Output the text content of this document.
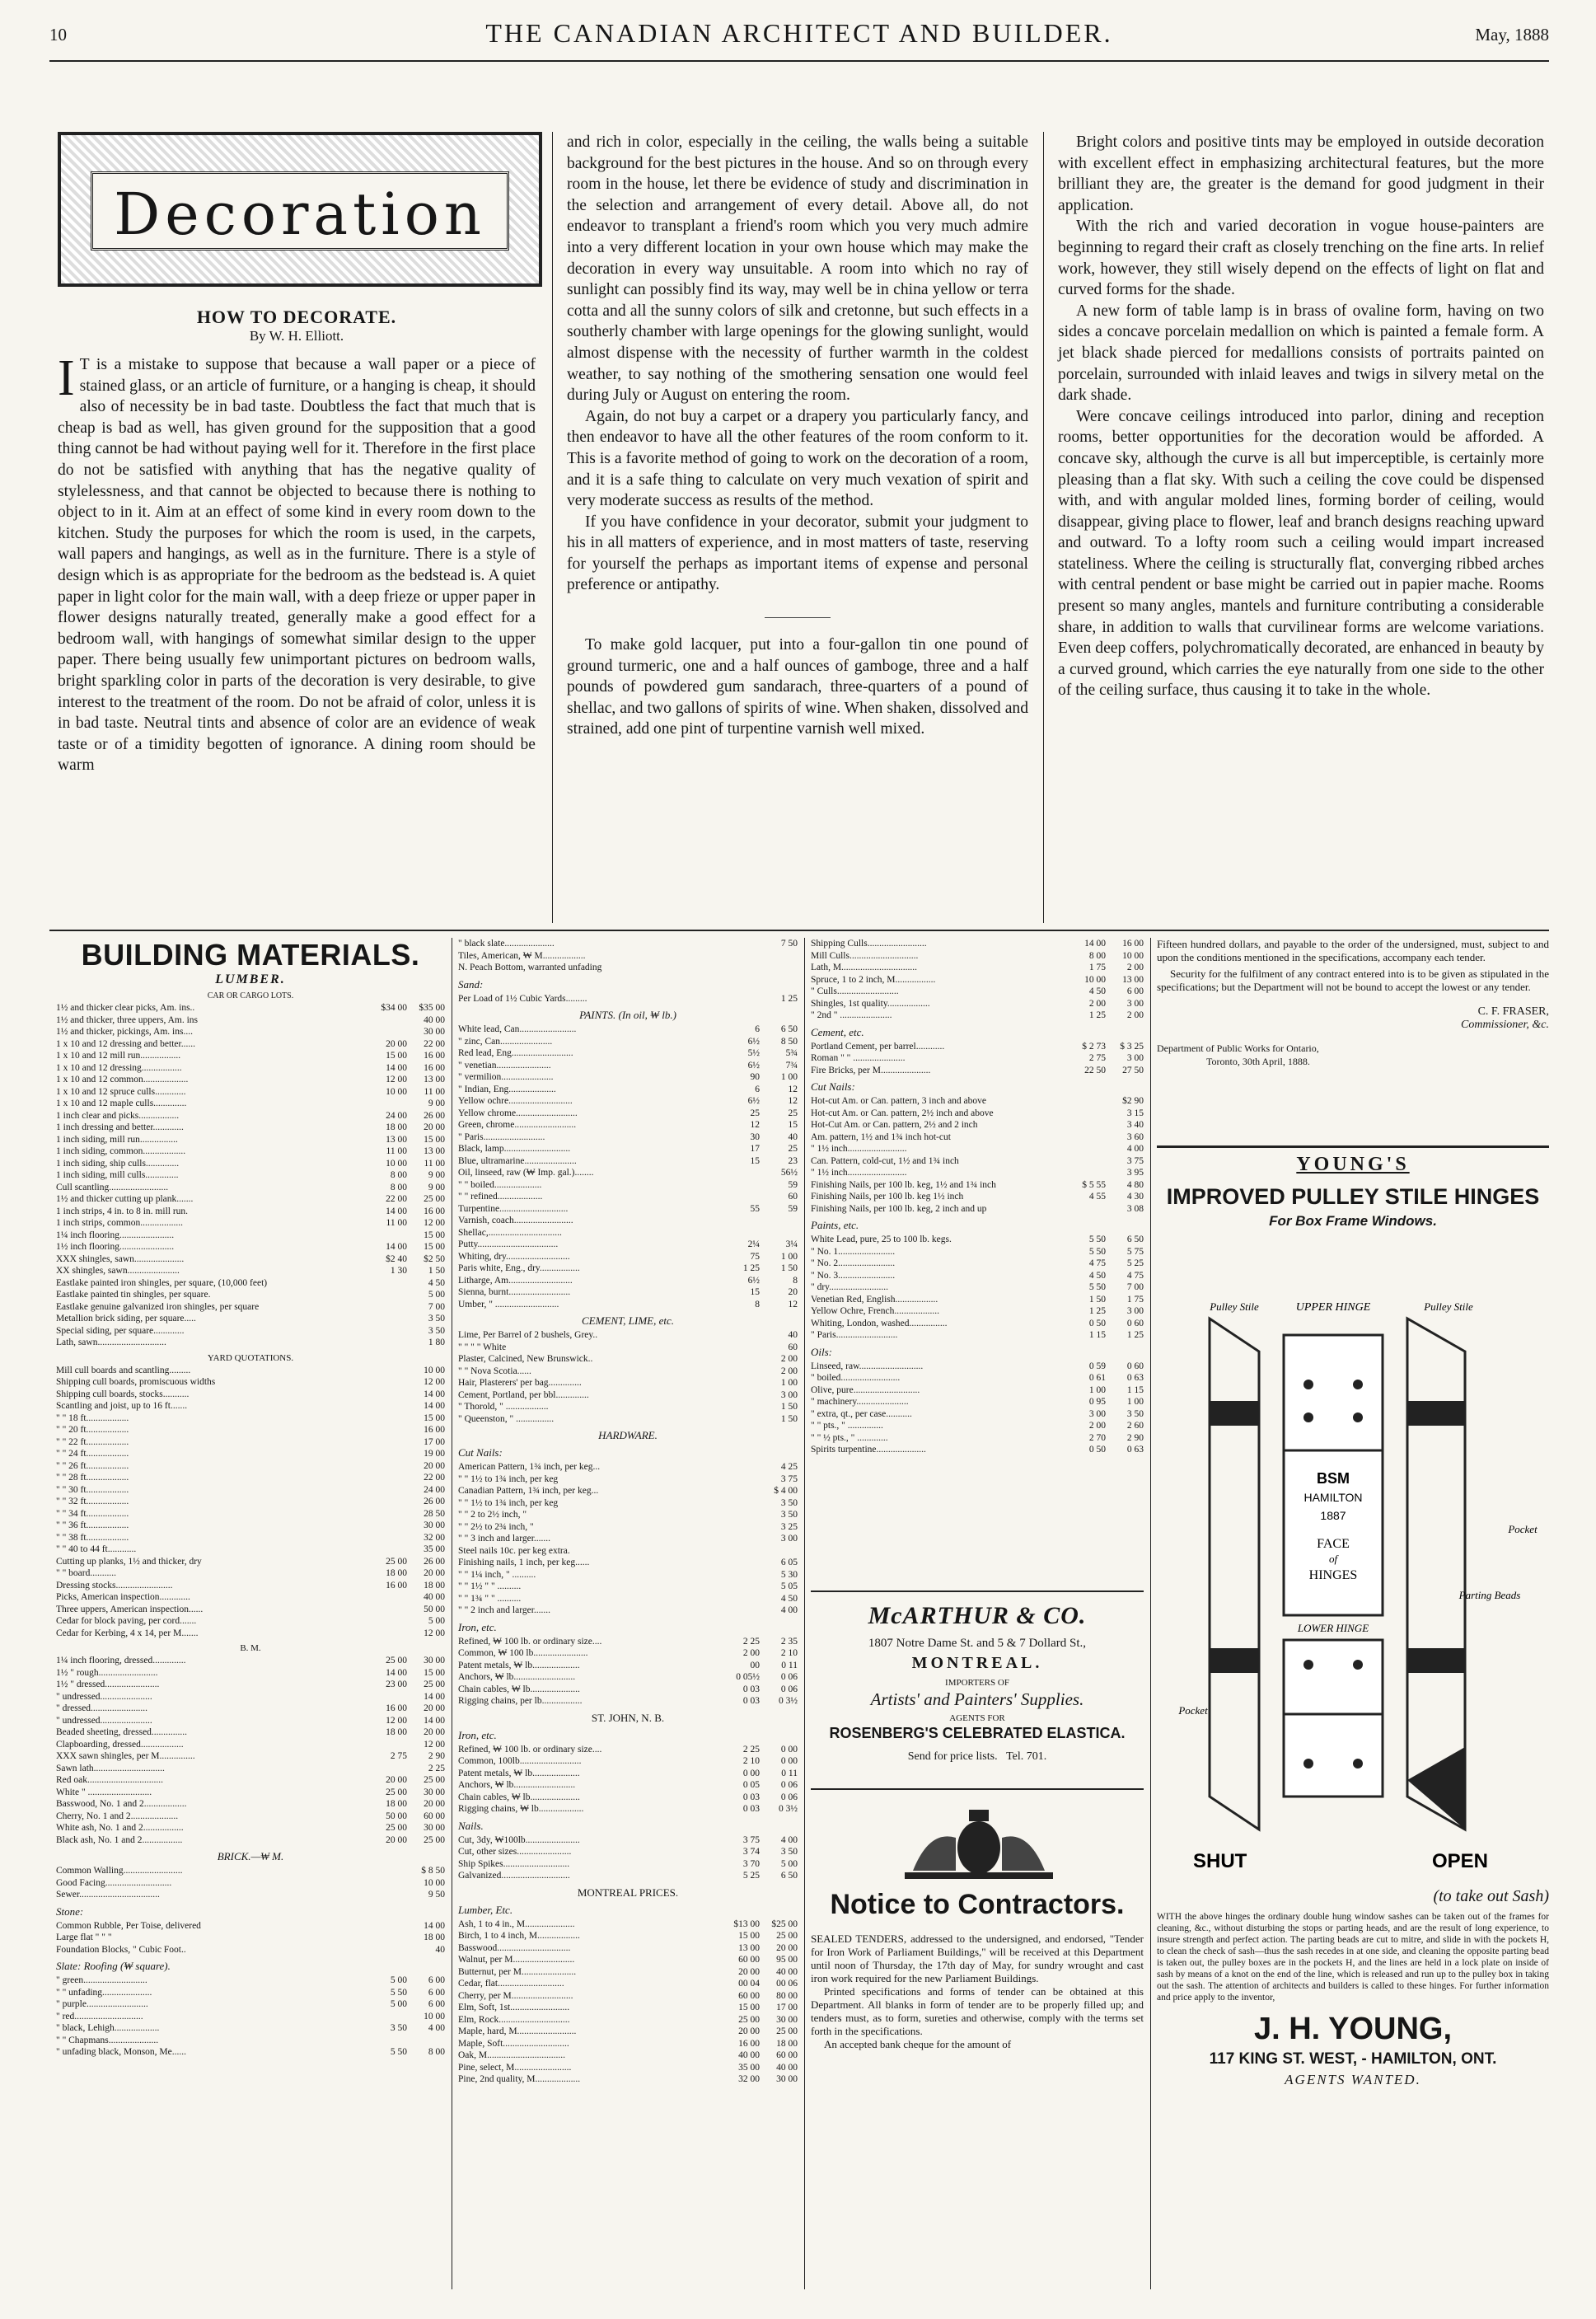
10	THE CANADIAN ARCHITECT AND BUILDER.	May, 1888
Decoration
HOW TO DECORATE.
By W. H. Elliott.

I T is a mistake to suppose that because a wall paper or a piece of stained glass, or an article of furniture, or a hanging is cheap, it should also of necessity be in bad taste. Doubtless the fact that much that is cheap is bad as well, has given ground for the supposition that a good thing cannot be had without paying well for it. Therefore in the first place do not be satisfied with anything that has the negative quality of stylelessness, and that cannot be objected to because there is nothing to object to in it. Aim at an effect of some kind in every room down to the kitchen. Study the purposes for which the room is used, in the carpets, wall papers and hangings, as well as in the furniture. There is a style of design which is as appropriate for the bedroom as the bedstead is. A quiet paper in light color for the main wall, with a deep frieze or upper paper in flower designs naturally treated, generally make a good effect for a bedroom wall, with hangings of somewhat similar design to the upper paper. There being usually few unimportant pictures on bedroom walls, bright sparkling color in parts of the decoration is very desirable, to give interest to the treatment of the room. Do not be afraid of color, unless it is in bad taste. Neutral tints and absence of color are an evidence of weak taste or of a timidity begotten of ignorance. A dining room should be warm

and rich in color, especially in the ceiling, the walls being a suitable background for the best pictures in the house. And so on through every room in the house, let there be evidence of study and discrimination in the selection and arrangement of every detail. Above all, do not endeavor to transplant a friend's room which you very much admire into a very different location in your own house which may make the decoration in every way unsuitable. A room into which no ray of sunlight can possibly find its way, may well be in china yellow or terra cotta and all the sunny colors of silk and cretonne, but such effects in a southerly chamber with large openings for the glowing sunlight, would almost dispense with the necessity of further warmth in the coldest weather, to say nothing of the smothering sensation one would feel during July or August on entering the room.

Again, do not buy a carpet or a drapery you particularly fancy, and then endeavor to have all the other features of the room conform to it. This is a favorite method of going to work on the decoration of a room, and it is a safe thing to calculate on very much vexation of spirit and very moderate success as results of the method.

If you have confidence in your decorator, submit your judgment to his in all matters of experience, and in most matters of taste, reserving for yourself the perhaps as important items of expense and personal preference or antipathy.

To make gold lacquer, put into a four-gallon tin one pound of ground turmeric, one and a half ounces of gamboge, three and a half pounds of powdered gum sandarach, three-quarters of a pound of shellac, and two gallons of spirits of wine. When shaken, dissolved and strained, add one pint of turpentine varnish well mixed.

Bright colors and positive tints may be employed in outside decoration with excellent effect in emphasizing architectural features, but the more brilliant they are, the greater is the demand for good judgment in their application.

With the rich and varied decoration in vogue house-painters are beginning to regard their craft as closely trenching on the fine arts. In relief work, however, they still wisely depend on the effects of light on flat and curved forms for the shade.

A new form of table lamp is in brass of ovaline form, having on two sides a concave porcelain medallion on which is painted a female form. A jet black shade pierced for medallions consists of portraits painted on porcelain, surrounded with inlaid leaves and twigs in silvery metal on the dark shade.

Were concave ceilings introduced into parlor, dining and reception rooms, better opportunities for the decoration would be afforded. A concave sky, although the curve is all but imperceptible, is certainly more pleasing than a flat sky. With such a ceiling the cove could be dispensed with, and with angular molded lines, forming border of ceiling, would disappear, giving place to flower, leaf and branch designs reaching upward and outward. To a lofty room such a ceiling would impart increased stateliness. Where the ceiling is structurally flat, converging ribbed arches with central pendent or base might be carried out in papier mache. Rooms present so many angles, mantels and furniture contributing a considerable share, in addition to walls that curvilinear forms are welcome variations. Even deep coffers, polychromatically decorated, are enhanced in beauty by a curved ground, which carries the eye naturally from one side to the other of the ceiling surface, thus causing it to take in the whole.

BUILDING MATERIALS.
LUMBER.
CAR OR CARGO LOTS.
1½ and thicker clear picks, Am. ins..	$34 00	$35 00
1½ and thicker, three uppers, Am. ins		40 00
1½ and thicker, pickings, Am. ins....		30 00
1 x 10 and 12 dressing and better......	20 00	22 00
1 x 10 and 12 mill run.................	15 00	16 00
1 x 10 and 12 dressing.................	14 00	16 00
1 x 10 and 12 common...................	12 00	13 00
1 x 10 and 12 spruce culls.............	10 00	11 00
1 x 10 and 12 maple culls..............		9 00
1 inch clear and picks.................	24 00	26 00
1 inch dressing and better.............	18 00	20 00
1 inch siding, mill run................	13 00	15 00
1 inch siding, common..................	11 00	13 00
1 inch siding, ship culls..............	10 00	11 00
1 inch siding, mill culls..............	8 00	9 00
Cull scantling.........................	8 00	9 00
1½ and thicker cutting up plank.......	22 00	25 00
1 inch strips, 4 in. to 8 in. mill run.	14 00	16 00
1 inch strips, common..................	11 00	12 00
1¼ inch flooring.......................		15 00
1½ inch flooring.......................	14 00	15 00
XXX shingles, sawn.....................	$2 40	$2 50
XX shingles, sawn......................	1 30	1 50
Eastlake painted iron shingles, per square, (10,000 feet)		4 50
Eastlake painted tin shingles, per square.		5 00
Eastlake genuine galvanized iron shingles, per square		7 00
Metallion brick siding, per square.....		3 50
Special siding, per square.............		3 50
Lath, sawn.............................		1 80
YARD QUOTATIONS.
Mill cull boards and scantling.........		10 00
Shipping cull boards, promiscuous widths		12 00
Shipping cull boards, stocks...........		14 00
Scantling and joist, up to 16 ft.......		14 00
" " 18 ft..................		15 00
" " 20 ft..................		16 00
" " 22 ft..................		17 00
" " 24 ft..................		19 00
" " 26 ft..................		20 00
" " 28 ft..................		22 00
" " 30 ft..................		24 00
" " 32 ft..................		26 00
" " 34 ft..................		28 50
" " 36 ft..................		30 00
" " 38 ft..................		32 00
" " 40 to 44 ft............		35 00
Cutting up planks, 1½ and thicker, dry	25 00	26 00
" " board...........	18 00	20 00
Dressing stocks........................	16 00	18 00
Picks, American inspection.............		40 00
Three uppers, American inspection......		50 00
Cedar for block paving, per cord.......		5 00
Cedar for Kerbing, 4 x 14, per M.......		12 00
B. M.
1¼ inch flooring, dressed..............	25 00	30 00
1½ " rough.........................	14 00	15 00
1½ " dressed.......................	23 00	25 00
" undressed......................		14 00
" dressed........................	16 00	20 00
" undressed......................	12 00	14 00
Beaded sheeting, dressed...............	18 00	20 00
Clapboarding, dressed..................		12 00
XXX sawn shingles, per M...............	2 75	2 90
Sawn lath..............................		2 25
Red oak................................	20 00	25 00
White " ...........................	25 00	30 00
Basswood, No. 1 and 2..................	18 00	20 00
Cherry, No. 1 and 2....................	50 00	60 00
White ash, No. 1 and 2.................	25 00	30 00
Black ash, No. 1 and 2.................	20 00	25 00
BRICK.—₩ M.
Common Walling.........................		$ 8 50
Good Facing............................		10 00
Sewer..................................		9 50
Stone:
Common Rubble, Per Toise, delivered		14 00
Large flat " " "		18 00
Foundation Blocks, " Cubic Foot..		40
Slate: Roofing (₩ square).
" green...........................	5 00	6 00
" " unfading.....................	5 50	6 00
" purple..........................	5 00	6 00
" red.............................		10 00
" black, Lehigh...................	3 50	4 00
" " Chapmans.....................		
" unfading black, Monson, Me......	5 50	8 00
" black slate.....................		7 50
Tiles, American, ₩ M..................		
N. Peach Bottom, warranted unfading		
Sand:
Per Load of 1½ Cubic Yards.........		1 25
PAINTS. (In oil, ₩ lb.)
White lead, Can........................	6	6 50
" zinc, Can......................	6½	8 50
Red lead, Eng..........................	5½	5¾
" venetian.......................	6½	7¾
" vermilion......................	90	1 00
" Indian, Eng....................	6	12
Yellow ochre...........................	6½	12
Yellow chrome..........................	25	25
Green, chrome..........................	12	15
" Paris..........................	30	40
Black, lamp............................	17	25
Blue, ultramarine......................	15	23
Oil, linseed, raw (₩ Imp. gal.)........		56½
" " boiled....................		59
" " refined...................		60
Turpentine.............................	55	59
Varnish, coach.........................		
Shellac,...............................		
Putty..................................	2¼	3¼
Whiting, dry...........................	75	1 00
Paris white, Eng., dry.................	1 25	1 50
Litharge, Am...........................	6½	8
Sienna, burnt..........................	15	20
Umber, " ...........................	8	12
CEMENT, LIME, etc.
Lime, Per Barrel of 2 bushels, Grey..		40
" " " " White		60
Plaster, Calcined, New Brunswick..		2 00
" " Nova Scotia......		2 00
Hair, Plasterers' per bag..............		1 00
Cement, Portland, per bbl..............		3 00
" Thorold, " ..................		1 50
" Queenston, " ................		1 50
HARDWARE.
Cut Nails:
American Pattern, 1¾ inch, per keg...		4 25
" " 1½ to 1¾ inch, per keg		3 75
Canadian Pattern, 1¾ inch, per keg...		$ 4 00
" " 1½ to 1¾ inch, per keg		3 50
" " 2 to 2½ inch, "		3 50
" " 2½ to 2¾ inch, "		3 25
" " 3 inch and larger.......		3 00
Steel nails 10c. per keg extra.		
Finishing nails, 1 inch, per keg......		6 05
" " 1¼ inch, " ..........		5 30
" " 1½ " " ..........		5 05
" " 1¾ " " ..........		4 50
" " 2 inch and larger.......		4 00
Iron, etc.
Refined, ₩ 100 lb. or ordinary size....	2 25	2 35
Common, ₩ 100 lb.......................	2 00	2 10
Patent metals, ₩ lb....................	00	0 11
Anchors, ₩ lb..........................	0 05½	0 06
Chain cables, ₩ lb.....................	0 03	0 06
Rigging chains, per lb.................	0 03	0 3½
ST. JOHN, N. B.
Iron, etc.
Refined, ₩ 100 lb. or ordinary size....	2 25	0 00
Common, 100lb..........................	2 10	0 00
Patent metals, ₩ lb....................	0 00	0 11
Anchors, ₩ lb..........................	0 05	0 06
Chain cables, ₩ lb.....................	0 03	0 06
Rigging chains, ₩ lb...................	0 03	0 3½
Nails.
Cut, 3dy, ₩100lb.......................	3 75	4 00
Cut, other sizes.......................	3 74	3 50
Ship Spikes............................	3 70	5 00
Galvanized.............................	5 25	6 50
MONTREAL PRICES.
Lumber, Etc.
Ash, 1 to 4 in., M.....................	$13 00	$25 00
Birch, 1 to 4 inch, M..................	15 00	25 00
Basswood...............................	13 00	20 00
Walnut, per M..........................	60 00	95 00
Butternut, per M.......................	20 00	40 00
Cedar, flat............................	00 04	00 06
Cherry, per M..........................	60 00	80 00
Elm, Soft, 1st.........................	15 00	17 00
Elm, Rock..............................	25 00	30 00
Maple, hard, M.........................	20 00	25 00
Maple, Soft............................	16 00	18 00
Oak, M.................................	40 00	60 00
Pine, select, M........................	35 00	40 00
Pine, 2nd quality, M...................	32 00	30 00
Shipping Culls.........................	14 00	16 00
Mill Culls.............................	8 00	10 00
Lath, M................................	1 75	2 00
Spruce, 1 to 2 inch, M.................	10 00	13 00
" Culls..........................	4 50	6 00
Shingles, 1st quality..................	2 00	3 00
" 2nd " ......................	1 25	2 00
Cement, etc.
Portland Cement, per barrel............	$ 2 73	$ 3 25
Roman " " ......................	2 75	3 00
Fire Bricks, per M.....................	22 50	27 50
Cut Nails:
Hot-cut Am. or Can. pattern, 3 inch and above		$2 90
Hot-cut Am. or Can. pattern, 2½ inch and above		3 15
Hot-Cut Am. or Can. pattern, 2½ and 2 inch		3 40
Am. pattern, 1½ and 1¾ inch hot-cut		3 60
" 1½ inch.........................		4 00
Can. Pattern, cold-cut, 1½ and 1¾ inch		3 75
" 1½ inch.........................		3 95
Finishing Nails, per 100 lb. keg, 1½ and 1¾ inch	$ 5 55	4 80
Finishing Nails, per 100 lb. keg 1½ inch	4 55	4 30
Finishing Nails, per 100 lb. keg, 2 inch and up		3 08
Paints, etc.
White Lead, pure, 25 to 100 lb. kegs.	5 50	6 50
" No. 1........................	5 50	5 75
" No. 2........................	4 75	5 25
" No. 3........................	4 50	4 75
" dry.........................	5 50	7 00
Venetian Red, English..................	1 50	1 75
Yellow Ochre, French...................	1 25	3 00
Whiting, London, washed................	0 50	0 60
" Paris..........................	1 15	1 25
Oils:
Linseed, raw...........................	0 59	0 60
" boiled.........................	0 61	0 63
Olive, pure............................	1 00	1 15
" machinery......................	0 95	1 00
" extra, qt., per case...........	3 00	3 50
" " pts., " ...............	2 00	2 60
" " ½ pts., " .............	2 70	2 90
Spirits turpentine.....................	0 50	0 63
McARTHUR & CO.
1807 Notre Dame St. and 5 & 7 Dollard St.,
MONTREAL.
IMPORTERS OF
Artists' and Painters' Supplies.
AGENTS FOR
ROSENBERG'S CELEBRATED ELASTICA.
Send for price lists. Tel. 701.
Notice to Contractors.
SEALED TENDERS, addressed to the undersigned, and endorsed, "Tender for Iron Work of Parliament Buildings," will be received at this Department until noon of Thursday, the 17th day of May, for sundry wrought and cast iron work required for the new Parliament Buildings.
Printed specifications and forms of tender can be obtained at this Department. All blanks in form of tender are to be properly filled up; and tenders must, as to form, sureties and otherwise, comply with the terms set forth in the specifications.
An accepted bank cheque for the amount of
Fifteen hundred dollars, and payable to the order of the undersigned, must, subject to and upon the conditions mentioned in the specifications, accompany each tender.
Security for the fulfilment of any contract entered into is to be given as stipulated in the specifications; but the Department will not be bound to accept the lowest or any tender.
C. F. FRASER,
Commissioner, &c.
Department of Public Works for Ontario,
Toronto, 30th April, 1888.
YOUNG'S
IMPROVED PULLEY STILE HINGES
For Box Frame Windows.
UPPER HINGE
Pulley Stile	Pulley Stile
BSM
HAMILTON
1887
FACE
of
HINGES
LOWER HINGE
Pocket
Pocket
Parting Beads
SHUT	OPEN
(to take out Sash)
WITH the above hinges the ordinary double hung window sashes can be taken out of the frames for cleaning, &c., without disturbing the stops or parting heads, and are the result of long experience, to insure strength and perfect action. The parting beads are cut to mitre, and slide in with the pockets H, to clean the check of sash—thus the sash recedes in at one side, and cleaning the opposite parting bead is taken out, the pulley boxes are in the pockets H, and the lines are held in a lock plate on inside of sash by means of a knot on the end of the line, which is released and run up to the pulley box in taking out the sash. The attention of architects and builders is called to these hinges. For further information and price apply to the inventor,
J. H. YOUNG,
117 KING ST. WEST, - HAMILTON, ONT.
AGENTS WANTED.
